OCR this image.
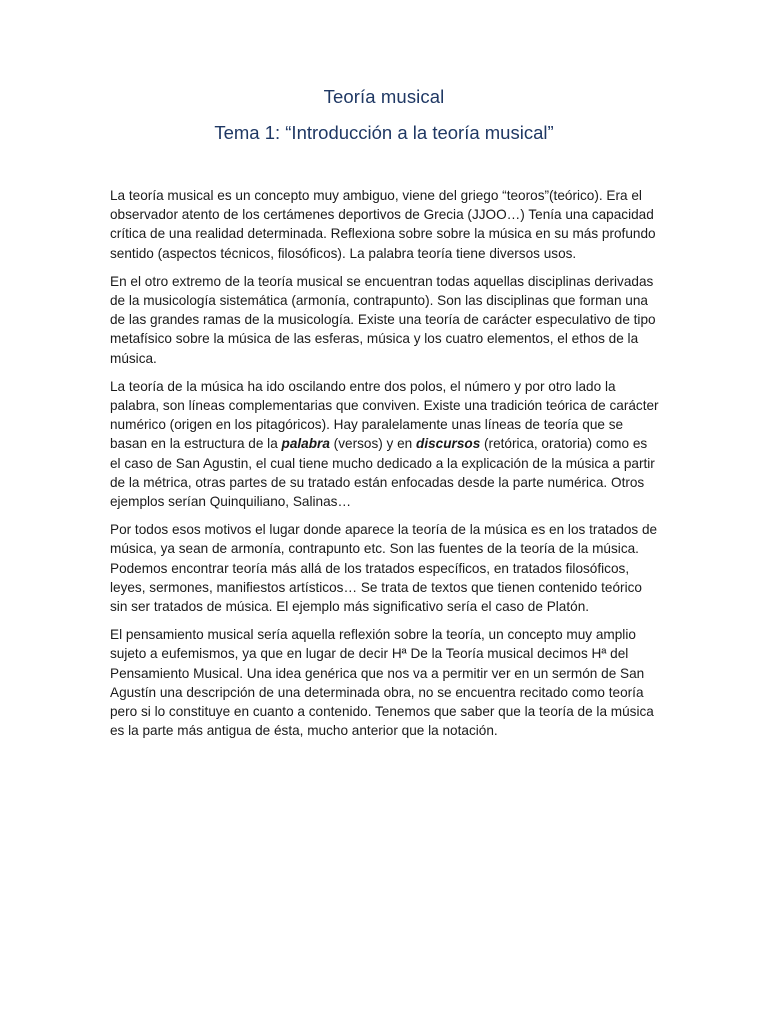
Teoría musical
Tema 1: “Introducción a la teoría musical”

La teoría musical es un concepto muy ambiguo, viene del griego “teoros”(teórico). Era el observador atento de los certámenes deportivos de Grecia (JJOO…) Tenía una capacidad crítica de una realidad determinada. Reflexiona sobre sobre la música en su más profundo sentido (aspectos técnicos, filosóficos). La palabra teoría tiene diversos usos.

En el otro extremo de la teoría musical se encuentran todas aquellas disciplinas derivadas de la musicología sistemática (armonía, contrapunto). Son las disciplinas que forman una de las grandes ramas de la musicología. Existe una teoría de carácter especulativo de tipo metafísico sobre la música de las esferas, música y los cuatro elementos, el ethos de la música.

La teoría de la música ha ido oscilando entre dos polos, el número y por otro lado la palabra, son líneas complementarias que conviven. Existe una tradición teórica de carácter numérico (origen en los pitagóricos). Hay paralelamente unas líneas de teoría que se basan en la estructura de la palabra (versos) y en discursos (retórica, oratoria) como es el caso de San Agustin, el cual tiene mucho dedicado a la explicación de la música a partir de la métrica, otras partes de su tratado están enfocadas desde la parte numérica. Otros ejemplos serían Quinquiliano, Salinas…

Por todos esos motivos el lugar donde aparece la teoría de la música es en los tratados de música, ya sean de armonía, contrapunto etc. Son las fuentes de la teoría de la música. Podemos encontrar teoría más allá de los tratados específicos, en tratados filosóficos, leyes, sermones, manifiestos artísticos… Se trata de textos que tienen contenido teórico sin ser tratados de música. El ejemplo más significativo sería el caso de Platón.

El pensamiento musical sería aquella reflexión sobre la teoría, un concepto muy amplio sujeto a eufemismos, ya que en lugar de decir Hª De la Teoría musical decimos Hª del Pensamiento Musical. Una idea genérica que nos va a permitir ver en un sermón de San Agustín una descripción de una determinada obra, no se encuentra recitado como teoría pero si lo constituye en cuanto a contenido. Tenemos que saber que la teoría de la música es la parte más antigua de ésta, mucho anterior que la notación.
